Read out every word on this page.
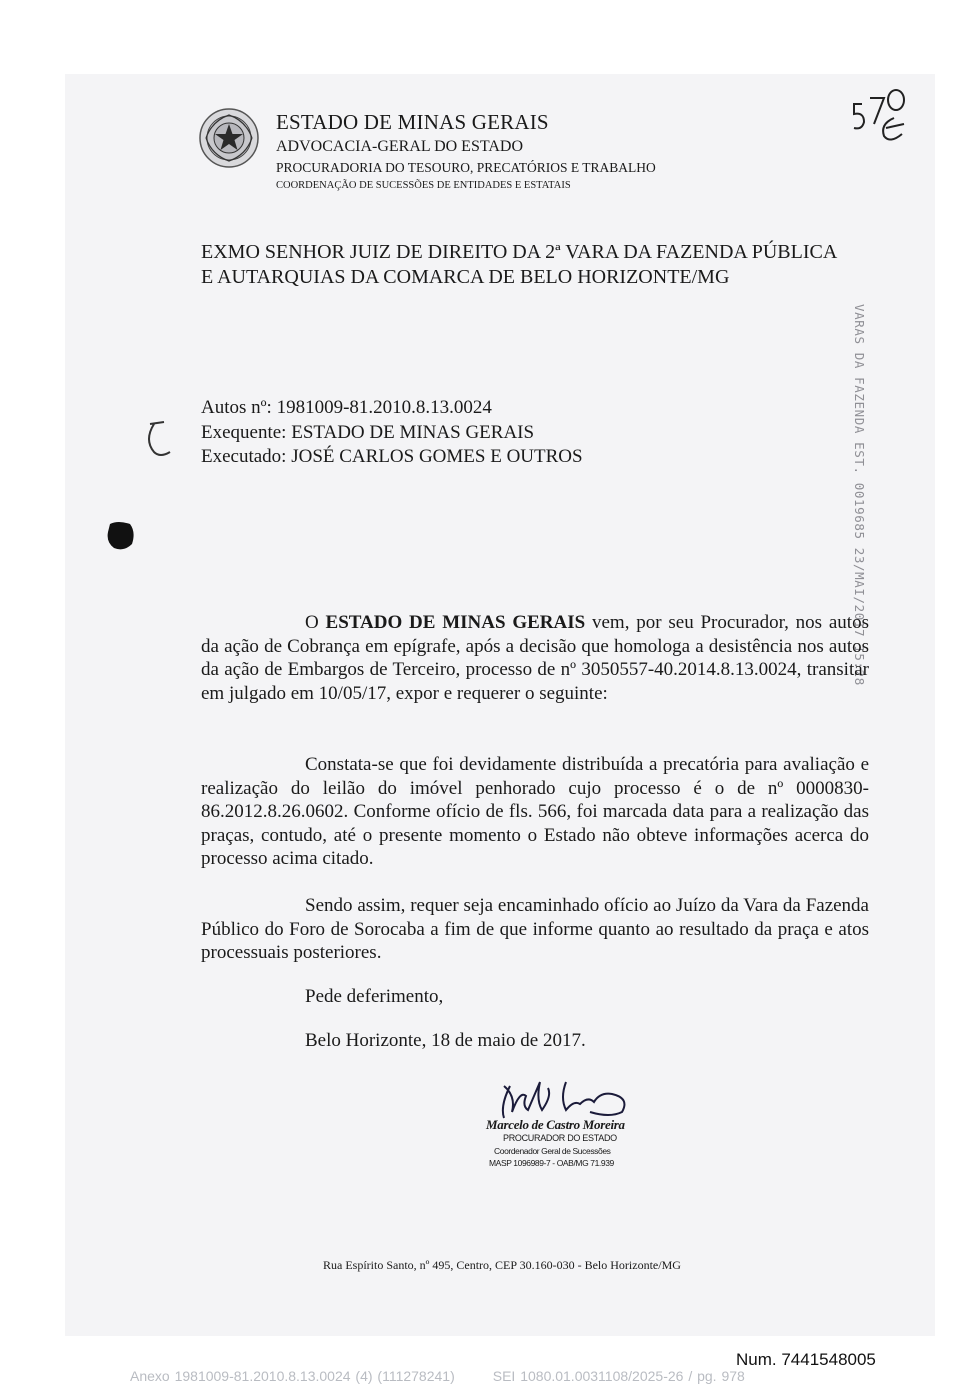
ESTADO DE MINAS GERAIS
ADVOCACIA-GERAL DO ESTADO
PROCURADORIA DO TESOURO, PRECATÓRIOS E TRABALHO
COORDENAÇÃO DE SUCESSÕES DE ENTIDADES E ESTATAIS
EXMO SENHOR JUIZ DE DIREITO DA 2ª VARA DA FAZENDA PÚBLICA
E AUTARQUIAS DA COMARCA DE BELO HORIZONTE/MG
Autos nº: 1981009-81.2010.8.13.0024
Exequente: ESTADO DE MINAS GERAIS
Executado: JOSÉ CARLOS GOMES E OUTROS	VARAS DA FAZENDA EST. 0019685 23/MAI/2017 15:28

O ESTADO DE MINAS GERAIS vem, por seu Procurador, nos autos da ação de Cobrança em epígrafe, após a decisão que homologa a desistência nos autos da ação de Embargos de Terceiro, processo de nº 3050557-40.2014.8.13.0024, transitar em julgado em 10/05/17, expor e requerer o seguinte:

Constata-se que foi devidamente distribuída a precatória para avaliação e realização do leilão do imóvel penhorado cujo processo é o de nº 0000830-86.2012.8.26.0602. Conforme ofício de fls. 566, foi marcada data para a realização das praças, contudo, até o presente momento o Estado não obteve informações acerca do processo acima citado.

Sendo assim, requer seja encaminhado ofício ao Juízo da Vara da Fazenda Público do Foro de Sorocaba a fim de que informe quanto ao resultado da praça e atos processuais posteriores.

Pede deferimento,
Belo Horizonte, 18 de maio de 2017.
Marcelo de Castro Moreira
PROCURADOR DO ESTADO
Coordenador Geral de Sucessões
MASP 1096989-7 - OAB/MG 71.939
Rua Espírito Santo, nº 495, Centro, CEP 30.160-030 - Belo Horizonte/MG
Num. 7441548005
Anexo 1981009-81.2010.8.13.0024 (4) (111278241)	SEI 1080.01.0031108/2025-26 / pg. 978
